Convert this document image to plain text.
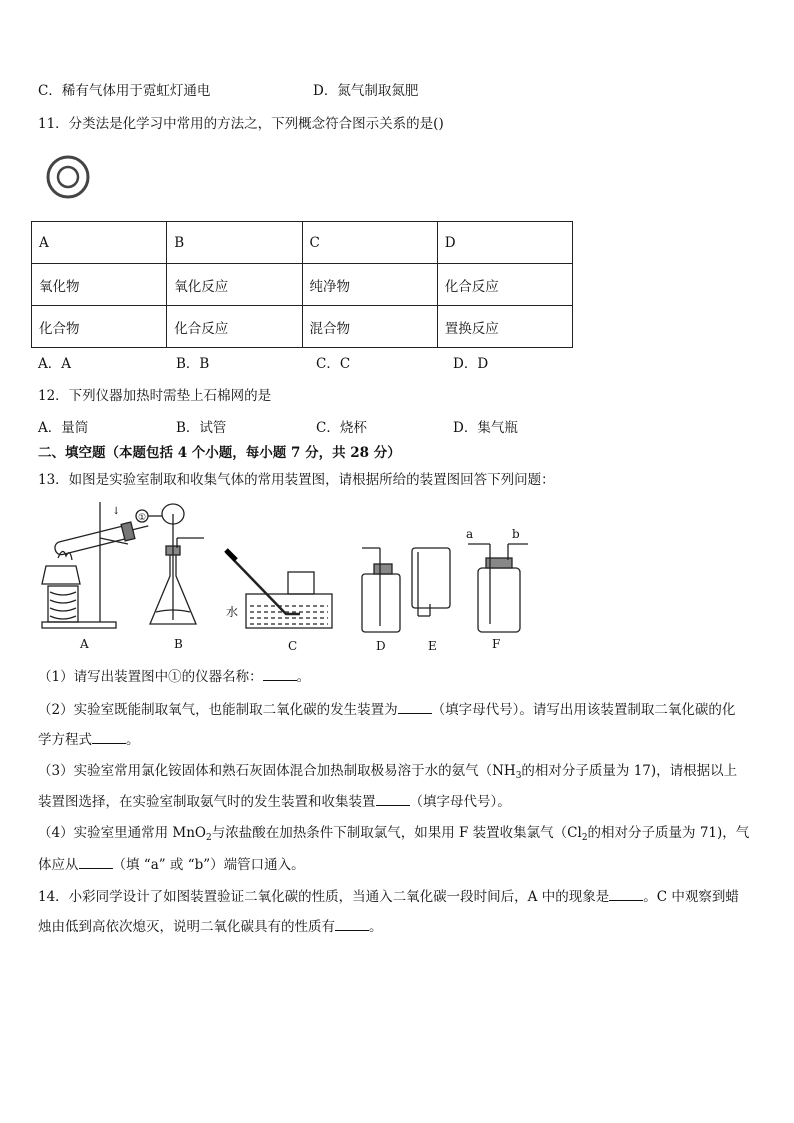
C．稀有气体用于霓虹灯通电	D．氮气制取氮肥
11．分类法是化学习中常用的方法之，下列概念符合图示关系的是()
A	B	C	D
氧化物	氧化反应	纯净物	化合反应
化合物	化合反应	混合物	置换反应
A．A	B．B	C．C	D．D
12．下列仪器加热时需垫上石棉网的是
A．量筒	B．试管	C．烧杯	D．集气瓶
二、填空题（本题包括 4 个小题，每小题 7 分，共 28 分）
13．如图是实验室制取和收集气体的常用装置图，请根据所给的装置图回答下列问题：
A
↓
①
B
水
C	D	E
a	b
F
（1）请写出装置图中①的仪器名称：	。
（2）实验室既能制取氧气，也能制取二氧化碳的发生装置为	（填字母代号）。请写出用该装置制取二氧化碳的化
学方程式	。
（3）实验室常用氯化铵固体和熟石灰固体混合加热制取极易溶于水的氨气（$NH_3$的相对分子质量为 17)，请根据以上
装置图选择，在实验室制取氨气时的发生装置和收集装置	（填字母代号）。
（4）实验室里通常用 MnO$_2$与浓盐酸在加热条件下制取氯气，如果用 F 装置收集氯气（$Cl_2$的相对分子质量为 71)，气
体应从	（填 “a” 或 “b”）端管口通入。
14．小彩同学设计了如图装置验证二氧化碳的性质，当通入二氧化碳一段时间后，A 中的现象是	。C 中观察到蜡
烛由低到高依次熄灭，说明二氧化碳具有的性质有	。
